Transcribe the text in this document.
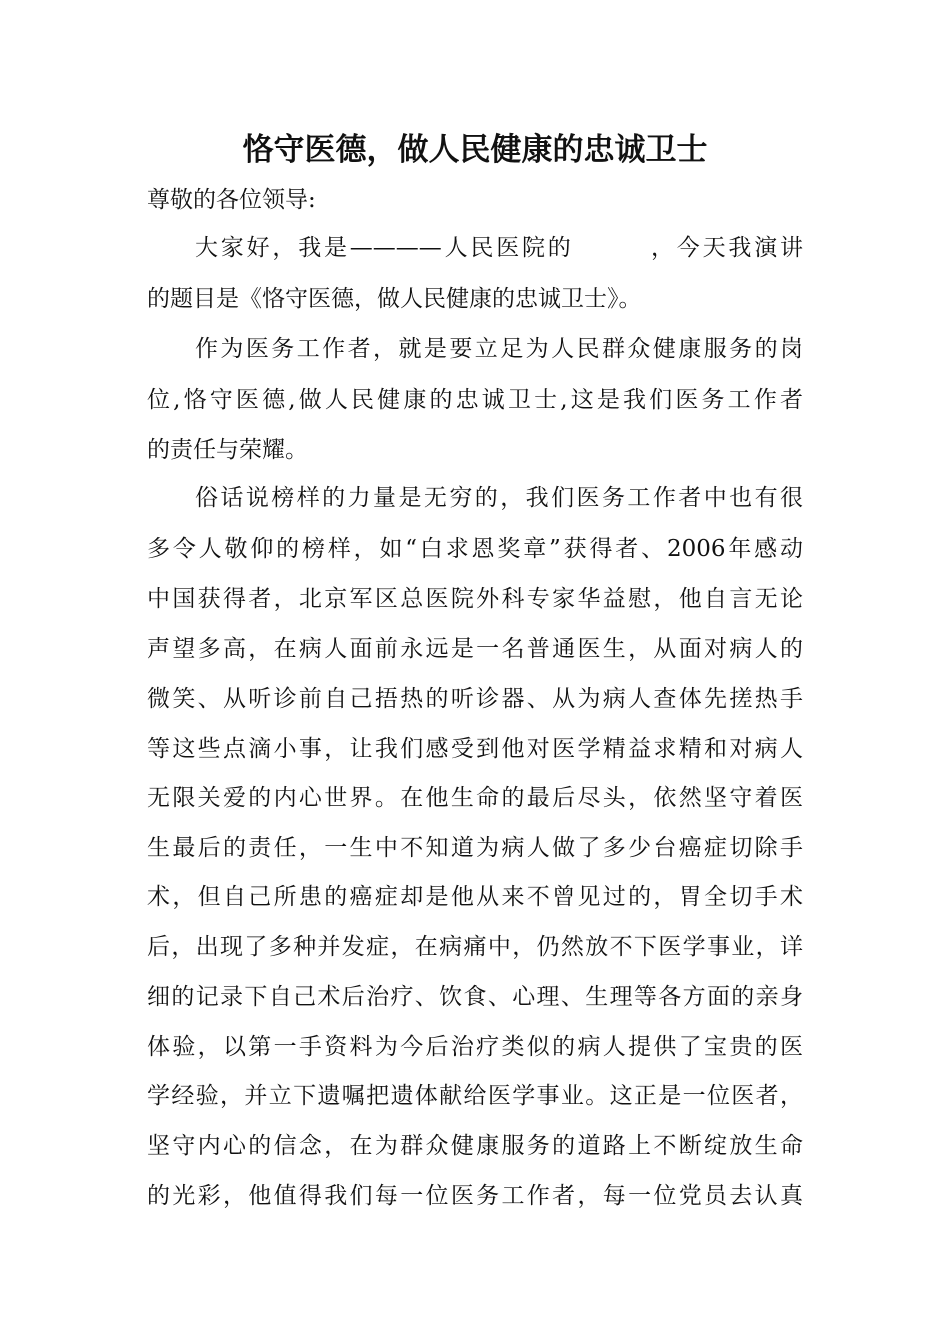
恪守医德，做人民健康的忠诚卫士
尊敬的各位领导:
大家好，我是————人民医院的　　　，今天我演讲
的题目是《恪守医德，做人民健康的忠诚卫士》。
作为医务工作者，就是要立足为人民群众健康服务的岗
位,恪守医德,做人民健康的忠诚卫士,这是我们医务工作者
的责任与荣耀。
俗话说榜样的力量是无穷的，我们医务工作者中也有很
多令人敬仰的榜样，如“白求恩奖章”获得者、2006年感动
中国获得者，北京军区总医院外科专家华益慰，他自言无论
声望多高，在病人面前永远是一名普通医生，从面对病人的
微笑、从听诊前自己捂热的听诊器、从为病人查体先搓热手
等这些点滴小事，让我们感受到他对医学精益求精和对病人
无限关爱的内心世界。在他生命的最后尽头，依然坚守着医
生最后的责任，一生中不知道为病人做了多少台癌症切除手
术，但自己所患的癌症却是他从来不曾见过的，胃全切手术
后，出现了多种并发症，在病痛中，仍然放不下医学事业，详
细的记录下自己术后治疗、饮食、心理、生理等各方面的亲身
体验，以第一手资料为今后治疗类似的病人提供了宝贵的医
学经验，并立下遗嘱把遗体献给医学事业。这正是一位医者，
坚守内心的信念，在为群众健康服务的道路上不断绽放生命
的光彩，他值得我们每一位医务工作者，每一位党员去认真
